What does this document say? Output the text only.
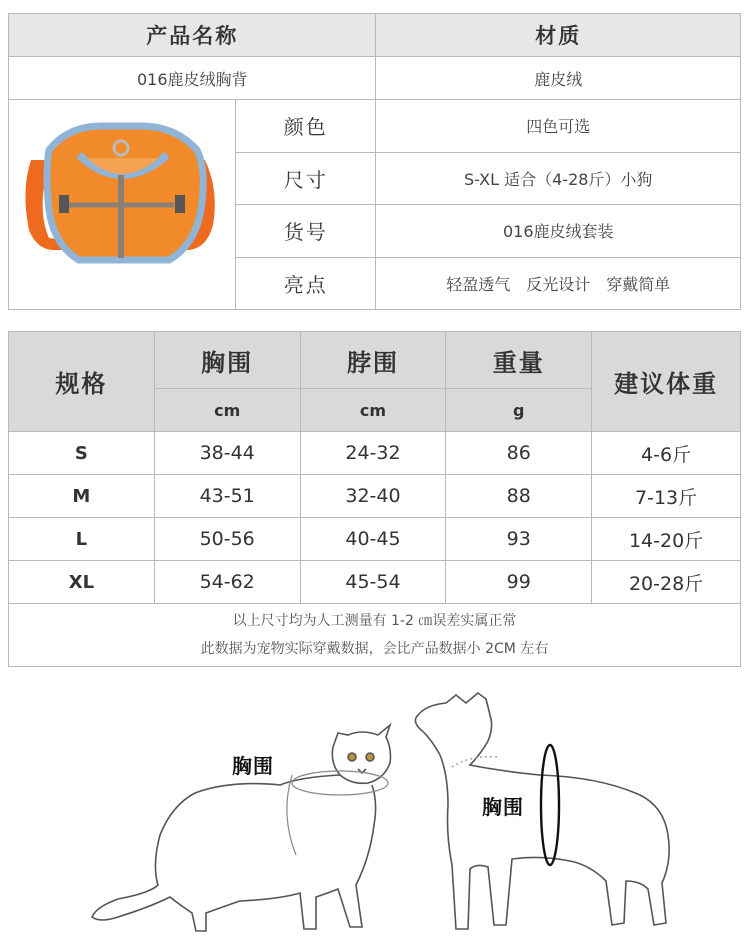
产品名称		材质
016鹿皮绒胸背		鹿皮绒
	颜色	四色可选
	尺寸	S-XL 适合（4-28斤）小狗
	货号	016鹿皮绒套装
	亮点	轻盈透气　反光设计　穿戴简单
规格	胸围	脖围	重量	建议体重
	cm	cm	g	
S	38-44	24-32	86	4-6斤
M	43-51	32-40	88	7-13斤
L	50-56	40-45	93	14-20斤
XL	54-62	45-54	99	20-28斤

以上尺寸均为人工测量有 1-2 ㎝误差实属正常
此数据为宠物实际穿戴数据，会比产品数据小 2CM 左右				
胸围
胸围
